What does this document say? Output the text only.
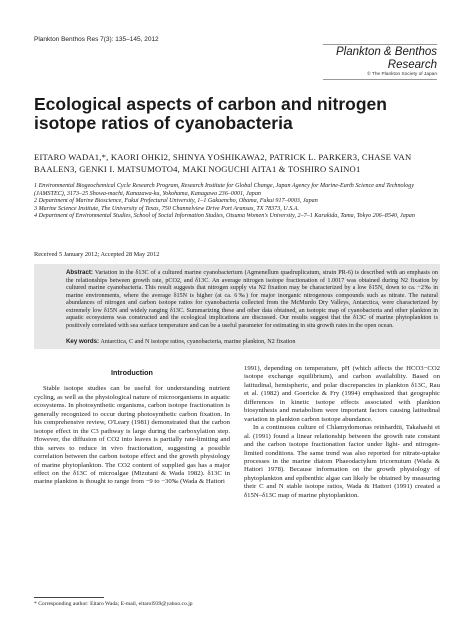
Plankton Benthos Res 7(3): 135–145, 2012
Plankton & Benthos
Research
© The Plankton Society of Japan
Ecological aspects of carbon and nitrogen isotope ratios of cyanobacteria
EITARO WADA1,*, KAORI OHKI2, SHINYA YOSHIKAWA2, PATRICK L. PARKER3, CHASE VAN BAALEN3, GENKI I. MATSUMOTO4, MAKI NOGUCHI AITA1 & TOSHIRO SAINO1
1 Environmental Biogeochemical Cycle Research Program, Research Institute for Global Change, Japan Agency for Marine-Earth Science and Technology (JAMSTEC), 3173–25 Showa-machi, Kanazawa-ku, Yokohama, Kanagawa 236–0001, Japan
2 Department of Marine Bioscience, Fukui Prefectural University, 1–1 Gakuencho, Obama, Fukui 917–0003, Japan
3 Marine Science Institute, The University of Texas, 750 Channelview Drive Port Aransas, TX 78373, U.S.A.
4 Department of Environmental Studies, School of Social Information Studies, Otsuma Women's University, 2–7–1 Karakida, Tama, Tokyo 206–8540, Japan
Received 5 January 2012; Accepted 28 May 2012
Abstract: Variation in the δ13C of a cultured marine cyanobacterium (Agmenellum quadruplicatum, strain PR-6) is described with an emphasis on the relationships between growth rate, pCO2, and δ13C. An average nitrogen isotope fractionation of 1.0017 was obtained during N2 fixation by cultured marine cyanobacteria. This result suggests that nitrogen supply via N2 fixation may be characterized by a low δ15N, down to ca. −2‰ in marine environments, where the average δ15N is higher (at ca. 6‰) for major inorganic nitrogenous compounds such as nitrate. The natural abundances of nitrogen and carbon isotope ratios for cyanobacteria collected from the McMurdo Dry Valleys, Antarctica, were characterized by extremely low δ15N and widely ranging δ13C. Summarizing these and other data obtained, an isotopic map of cyanobacteria and other plankton in aquatic ecosystems was constructed and the ecological implications are discussed. Our results suggest that the δ13C of marine phytoplankton is positively correlated with sea surface temperature and can be a useful parameter for estimating in situ growth rates in the open ocean.
Key words: Antarctica, C and N isotope ratios, cyanobacteria, marine plankton, N2 fixation
Introduction

Stable isotope studies can be useful for understanding nutrient cycling, as well as the physiological nature of microorganisms in aquatic ecosystems. In photosynthetic organisms, carbon isotope fractionation is generally recognized to occur during photosynthetic carbon fixation. In his comprehensive review, O'Leary (1981) demonstrated that the carbon isotope effect in the C3 pathway is large during the carboxylation step. However, the diffusion of CO2 into leaves is partially rate-limiting and this serves to reduce in vivo fractionation, suggesting a possible correlation between the carbon isotope effect and the growth physiology of marine phytoplankton. The CO2 content of supplied gas has a major effect on the δ13C of microalgae (Mizutani & Wada 1982). δ13C in marine plankton is thought to range from −9 to −30‰ (Wada & Hattori

1991), depending on temperature, pH (which affects the HCO3−CO2 isotope exchange equilibrium), and carbon availability. Based on latitudinal, hemispheric, and polar discrepancies in plankton δ13C, Rau et al. (1982) and Goericke & Fry (1994) emphasized that geographic differences in kinetic isotope effects associated with plankton biosynthesis and metabolism were important factors causing latitudinal variation in plankton carbon isotope abundance.

In a continuous culture of Chlamydomonas reinhardtii, Takahashi et al. (1991) found a linear relationship between the growth rate constant and the carbon isotope fractionation factor under light- and nitrogen-limited conditions. The same trend was also reported for nitrate-uptake processes in the marine diatom Phaeodactylum tricornutum (Wada & Hattori 1978). Because information on the growth physiology of phytoplankton and epibenthic algae can likely be obtained by measuring their C and N stable isotope ratios, Wada & Hattori (1991) created a δ15N–δ13C map of marine phytoplankton.

* Corresponding author: Eitaro Wada; E-mail, eitarol939@yahoo.co.jp
